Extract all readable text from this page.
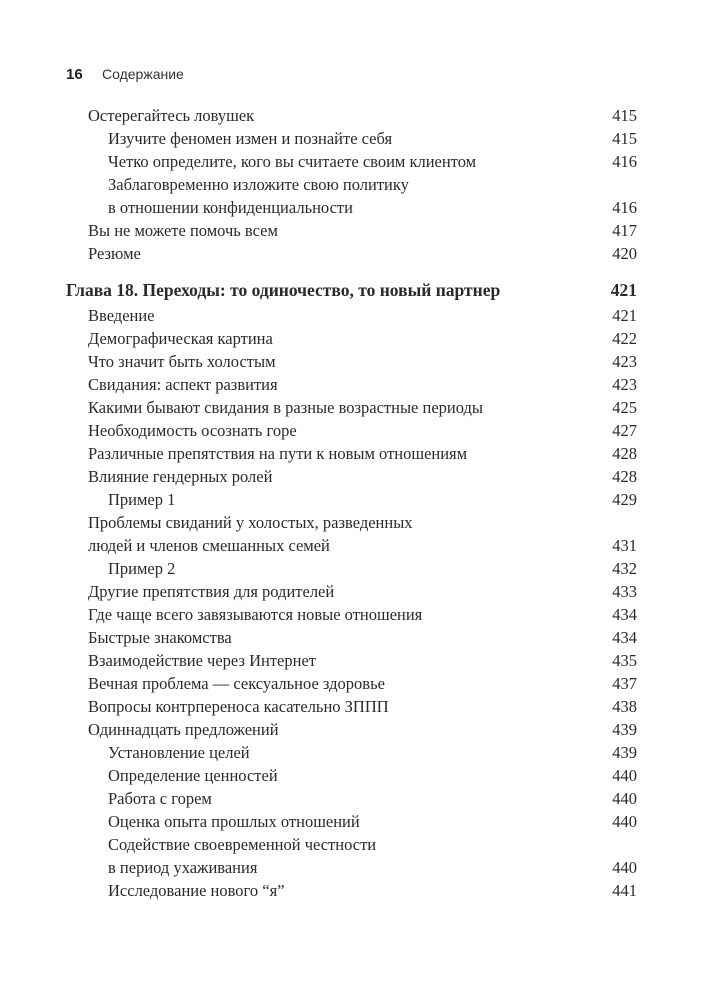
16	Содержание
Остерегайтесь ловушек	415
Изучите феномен измен и познайте себя	415
Четко определите, кого вы считаете своим клиентом	416
Заблаговременно изложите свою политику
в отношении конфиденциальности	416
Вы не можете помочь всем	417
Резюме	420
Глава 18. Переходы: то одиночество, то новый партнер	421
Введение	421
Демографическая картина	422
Что значит быть холостым	423
Свидания: аспект развития	423
Какими бывают свидания в разные возрастные периоды	425
Необходимость осознать горе	427
Различные препятствия на пути к новым отношениям	428
Влияние гендерных ролей	428
Пример 1	429
Проблемы свиданий у холостых, разведенных
людей и членов смешанных семей	431
Пример 2	432
Другие препятствия для родителей	433
Где чаще всего завязываются новые отношения	434
Быстрые знакомства	434
Взаимодействие через Интернет	435
Вечная проблема — сексуальное здоровье	437
Вопросы контрпереноса касательно ЗППП	438
Одиннадцать предложений	439
Установление целей	439
Определение ценностей	440
Работа с горем	440
Оценка опыта прошлых отношений	440
Содействие своевременной честности
в период ухаживания	440
Исследование нового “я”	441
